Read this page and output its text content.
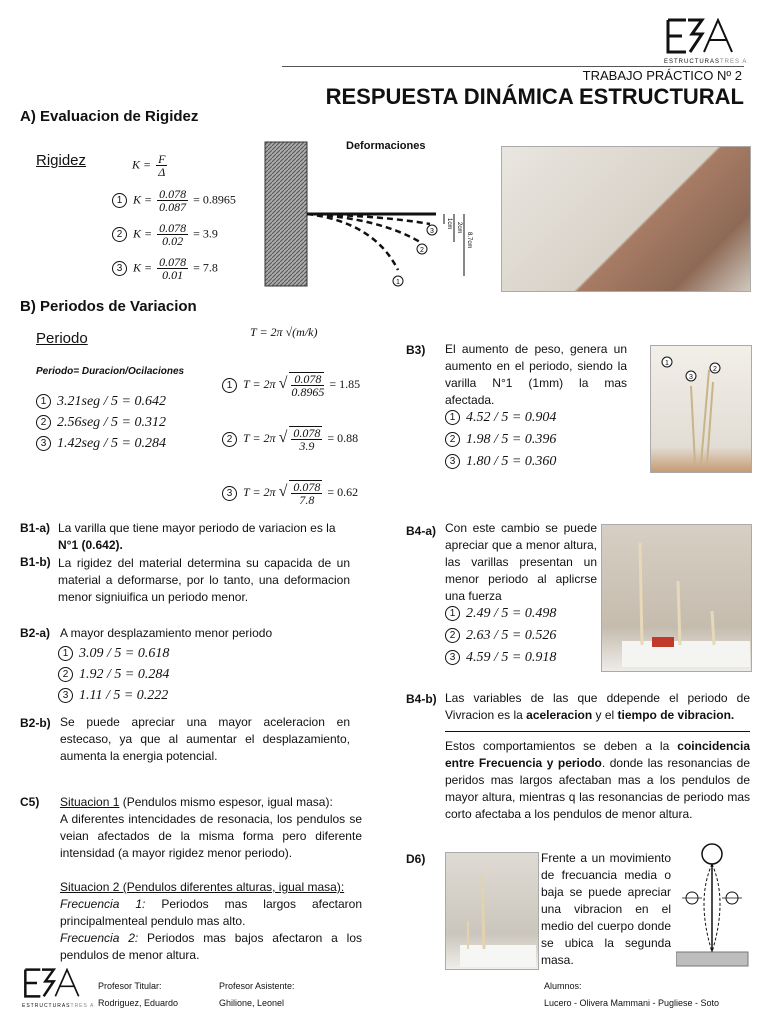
ESTRUCTURASTRES A
TRABAJO PRÁCTICO Nº 2
RESPUESTA DINÁMICA ESTRUCTURAL
A) Evaluacion de Rigidez
Rigidez	$K = \frac{F}{\Delta}$
1 $K = \frac{0.078}{0.087} = 0.8965$
2 $K = \frac{0.078}{0.02} = 3.9$
3 $K = \frac{0.078}{0.01} = 7.8$
3
2
1
1cm 2cm
8.7cm
Deformaciones
B) Periodos de Variacion
Periodo	T = 2π √(m/k)
Periodo= Duracion/Ocilaciones
1 3.21seg / 5 = 0.642
2 2.56seg / 5 = 0.312
3 1.42seg / 5 = 0.284
1 T = 2π √ $\frac{0.078}{0.8965} = 1.85$
2 T = 2π √ $\frac{0.078}{3.9} = 0.88$
3 T = 2π √ $\frac{0.078}{7.8} = 0.62$
B1-a) La varilla que tiene mayor periodo de variacion es la N°1 (0.642).
B1-b) La rigidez del material determina su capacida de un material a deformarse, por lo tanto, una deformacion menor signiuifica un periodo menor.
B2-a) A mayor desplazamiento menor periodo
1 3.09 / 5 = 0.618
2 1.92 / 5 = 0.284
3 1.11 / 5 = 0.222
B2-b) Se puede apreciar una mayor aceleracion en estecaso, ya que al aumentar el desplazamiento, aumenta la energia potencial.
C5) Situacion 1 (Pendulos mismo espesor, igual masa):
A diferentes intencidades de resonacia, los pendulos se veian afectados de la misma forma pero diferente intensidad (a mayor rigidez menor periodo).
Situacion 2 (Pendulos diferentes alturas, igual masa):
Frecuencia 1: Periodos mas largos afectaron principalmenteal pendulo mas alto.
Frecuencia 2: Periodos mas bajos afectaron a los pendulos de menor altura.
B3) El aumento de peso, genera un aumento en el periodo, siendo la varilla N°1 (1mm) la mas afectada.
1 4.52 / 5 = 0.904
2 1.98 / 5 = 0.396
3 1.80 / 5 = 0.360
1
3
2
B4-a) Con este cambio se puede apreciar que a menor altura, las varillas presentan un menor periodo al aplicrse una fuerza
1 2.49 / 5 = 0.498
2 2.63 / 5 = 0.526
3 4.59 / 5 = 0.918
B4-b) Las variables de las que ddepende el periodo de Vivracion es la aceleracion y el tiempo de vibracion.
Estos comportamientos se deben a la coincidencia entre Frecuencia y periodo. donde las resonancias de peridos mas largos afectaban mas a los pendulos de mayor altura, mientras q las resonancias de periodo mas corto afectaba a los pendulos de menor altura.
D6)	Frente a un movimiento de frecuancia media o baja se puede apreciar una vibracion en el medio del cuerpo donde se ubica la segunda masa.
ESTRUCTURASTRES A
Profesor Titular:
Rodriguez, Eduardo
Profesor Asistente:
Ghilione, Leonel
Alumnos:
Lucero - Olivera Mammani - Pugliese - Soto
